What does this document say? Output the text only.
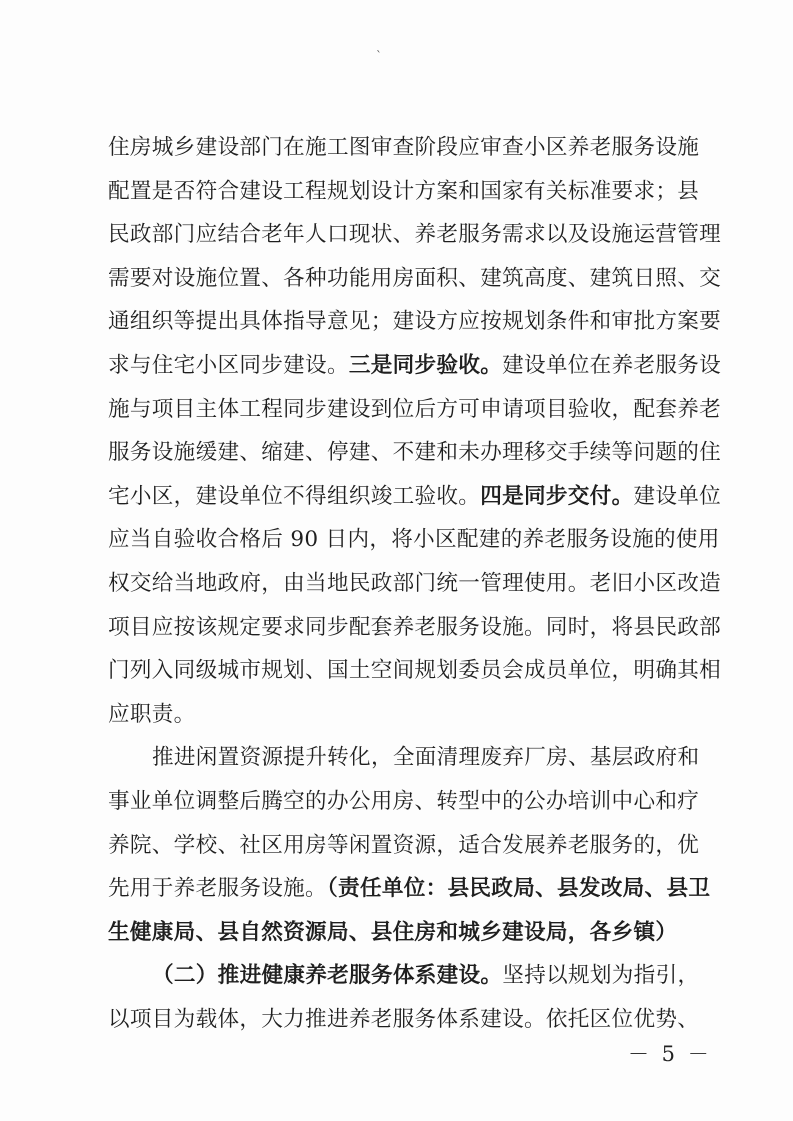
`
住房城乡建设部门在施工图审查阶段应审查小区养老服务设施
配置是否符合建设工程规划设计方案和国家有关标准要求；县
民政部门应结合老年人口现状、养老服务需求以及设施运营管理
需要对设施位置、各种功能用房面积、建筑高度、建筑日照、交
通组织等提出具体指导意见；建设方应按规划条件和审批方案要
求与住宅小区同步建设。三是同步验收。建设单位在养老服务设
施与项目主体工程同步建设到位后方可申请项目验收，配套养老
服务设施缓建、缩建、停建、不建和未办理移交手续等问题的住
宅小区，建设单位不得组织竣工验收。四是同步交付。建设单位
应当自验收合格后 90 日内，将小区配建的养老服务设施的使用
权交给当地政府，由当地民政部门统一管理使用。老旧小区改造
项目应按该规定要求同步配套养老服务设施。同时，将县民政部
门列入同级城市规划、国土空间规划委员会成员单位，明确其相
应职责。
推进闲置资源提升转化，全面清理废弃厂房、基层政府和
事业单位调整后腾空的办公用房、转型中的公办培训中心和疗
养院、学校、社区用房等闲置资源，适合发展养老服务的，优
先用于养老服务设施。（责任单位：县民政局、县发改局、县卫
生健康局、县自然资源局、县住房和城乡建设局，各乡镇）
（二）推进健康养老服务体系建设。坚持以规划为指引，
以项目为载体，大力推进养老服务体系建设。依托区位优势、
－ 5 －
